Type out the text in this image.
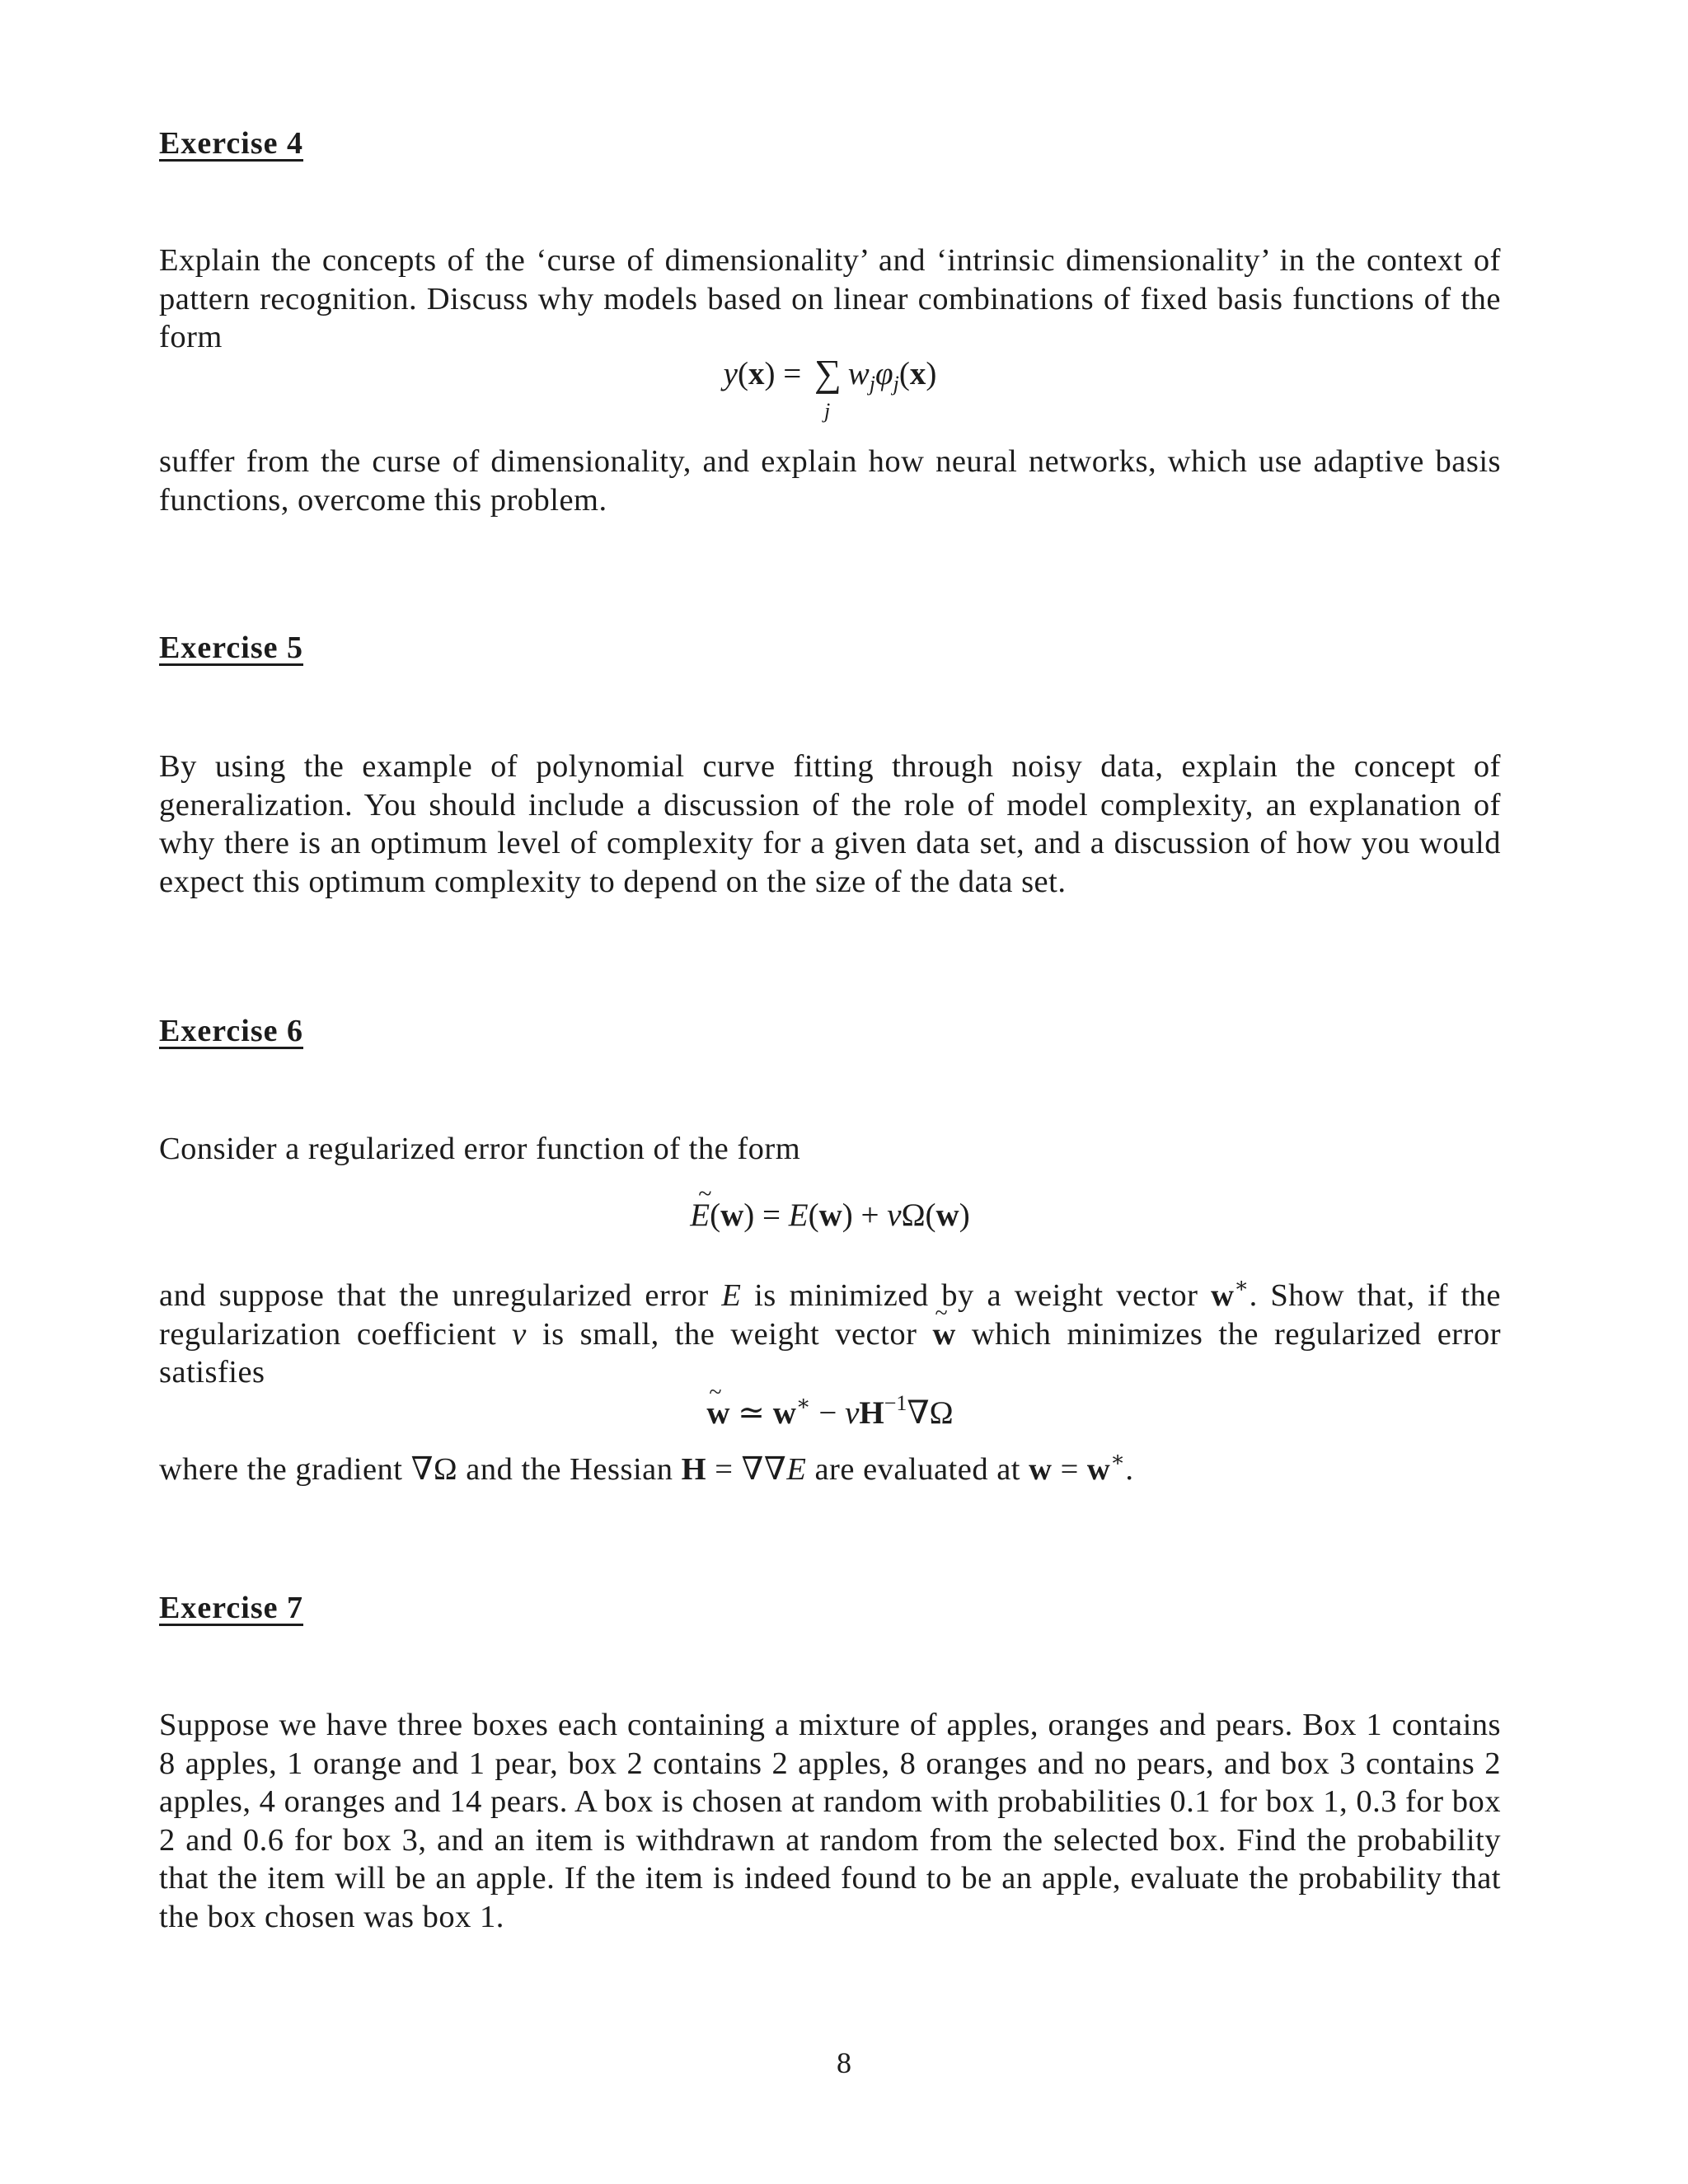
Exercise 4
Explain the concepts of the ‘curse of dimensionality’ and ‘intrinsic dimensionality’ in the context of pattern recognition. Discuss why models based on linear combinations of fixed basis functions of the form
y(x) = ∑
j
$w_j\varphi_j(x)$
suffer from the curse of dimensionality, and explain how neural networks, which use adaptive basis functions, overcome this problem.
Exercise 5
By using the example of polynomial curve fitting through noisy data, explain the concept of generalization. You should include a discussion of the role of model complexity, an explanation of why there is an optimum level of complexity for a given data set, and a discussion of how you would expect this optimum complexity to depend on the size of the data set.
Exercise 6
Consider a regularized error function of the form
~ E(w) = E(w) + νΩ(w)
and suppose that the unregularized error E is minimized by a weight vector w∗. Show that, if the regularization coefficient ν is small, the weight vector ~ w which minimizes the regularized error satisfies
~ w ≃ $w^∗ - \nu H^{-1}\nabla\Omega$
where the gradient ∇Ω and the Hessian H = ∇∇E are evaluated at w = w∗.
Exercise 7
Suppose we have three boxes each containing a mixture of apples, oranges and pears. Box 1 contains 8 apples, 1 orange and 1 pear, box 2 contains 2 apples, 8 oranges and no pears, and box 3 contains 2 apples, 4 oranges and 14 pears. A box is chosen at random with probabilities 0.1 for box 1, 0.3 for box 2 and 0.6 for box 3, and an item is withdrawn at random from the selected box. Find the probability that the item will be an apple. If the item is indeed found to be an apple, evaluate the probability that the box chosen was box 1.
8
